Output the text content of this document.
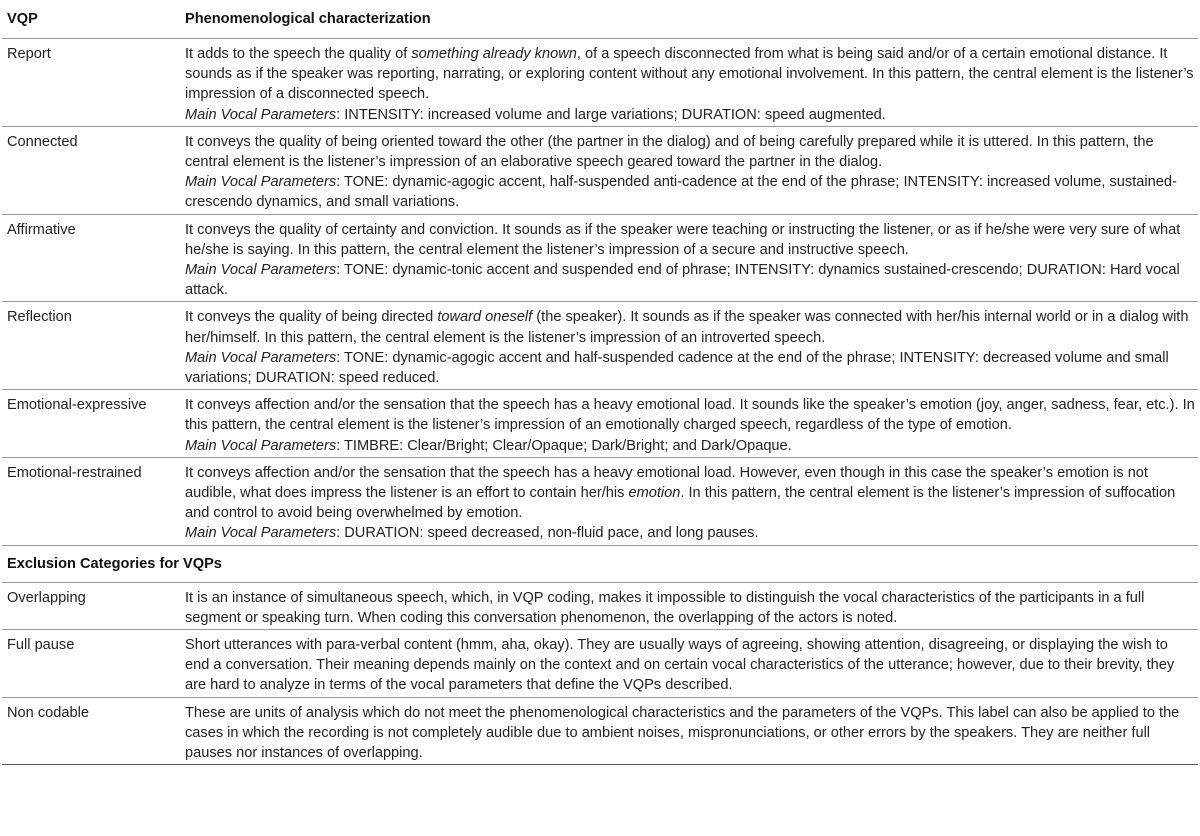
VQP	Phenomenological characterization
Report	It adds to the speech the quality of something already known, of a speech disconnected from what is being said and/or of a certain emotional distance. It sounds as if the speaker was reporting, narrating, or exploring content without any emotional involvement. In this pattern, the central element is the listener’s impression of a disconnected speech.

Main Vocal Parameters: INTENSITY: increased volume and large variations; DURATION: speed augmented.

Connected	It conveys the quality of being oriented toward the other (the partner in the dialog) and of being carefully prepared while it is uttered. In this pattern, the central element is the listener’s impression of an elaborative speech geared toward the partner in the dialog.

Main Vocal Parameters: TONE: dynamic-agogic accent, half-suspended anti-cadence at the end of the phrase; INTENSITY: increased volume, sustained-crescendo dynamics, and small variations.

Affirmative	It conveys the quality of certainty and conviction. It sounds as if the speaker were teaching or instructing the listener, or as if he/she were very sure of what he/she is saying. In this pattern, the central element the listener’s impression of a secure and instructive speech.

Main Vocal Parameters: TONE: dynamic-tonic accent and suspended end of phrase; INTENSITY: dynamics sustained-crescendo; DURATION: Hard vocal attack.

Reflection	It conveys the quality of being directed toward oneself (the speaker). It sounds as if the speaker was connected with her/his internal world or in a dialog with her/himself. In this pattern, the central element is the listener’s impression of an introverted speech.

Main Vocal Parameters: TONE: dynamic-agogic accent and half-suspended cadence at the end of the phrase; INTENSITY: decreased volume and small variations; DURATION: speed reduced.

Emotional-expressive	It conveys affection and/or the sensation that the speech has a heavy emotional load. It sounds like the speaker’s emotion (joy, anger, sadness, fear, etc.). In this pattern, the central element is the listener’s impression of an emotionally charged speech, regardless of the type of emotion.

Main Vocal Parameters: TIMBRE: Clear/Bright; Clear/Opaque; Dark/Bright; and Dark/Opaque.

Emotional-restrained	It conveys affection and/or the sensation that the speech has a heavy emotional load. However, even though in this case the speaker’s emotion is not audible, what does impress the listener is an effort to contain her/his emotion. In this pattern, the central element is the listener’s impression of suffocation and control to avoid being overwhelmed by emotion.

Main Vocal Parameters: DURATION: speed decreased, non-fluid pace, and long pauses.

Exclusion Categories for VQPs
Overlapping	It is an instance of simultaneous speech, which, in VQP coding, makes it impossible to distinguish the vocal characteristics of the participants in a full segment or speaking turn. When coding this conversation phenomenon, the overlapping of the actors is noted.

Full pause	Short utterances with para-verbal content (hmm, aha, okay). They are usually ways of agreeing, showing attention, disagreeing, or displaying the wish to end a conversation. Their meaning depends mainly on the context and on certain vocal characteristics of the utterance; however, due to their brevity, they are hard to analyze in terms of the vocal parameters that define the VQPs described.

Non codable	These are units of analysis which do not meet the phenomenological characteristics and the parameters of the VQPs. This label can also be applied to the cases in which the recording is not completely audible due to ambient noises, mispronunciations, or other errors by the speakers. They are neither full pauses nor instances of overlapping.
